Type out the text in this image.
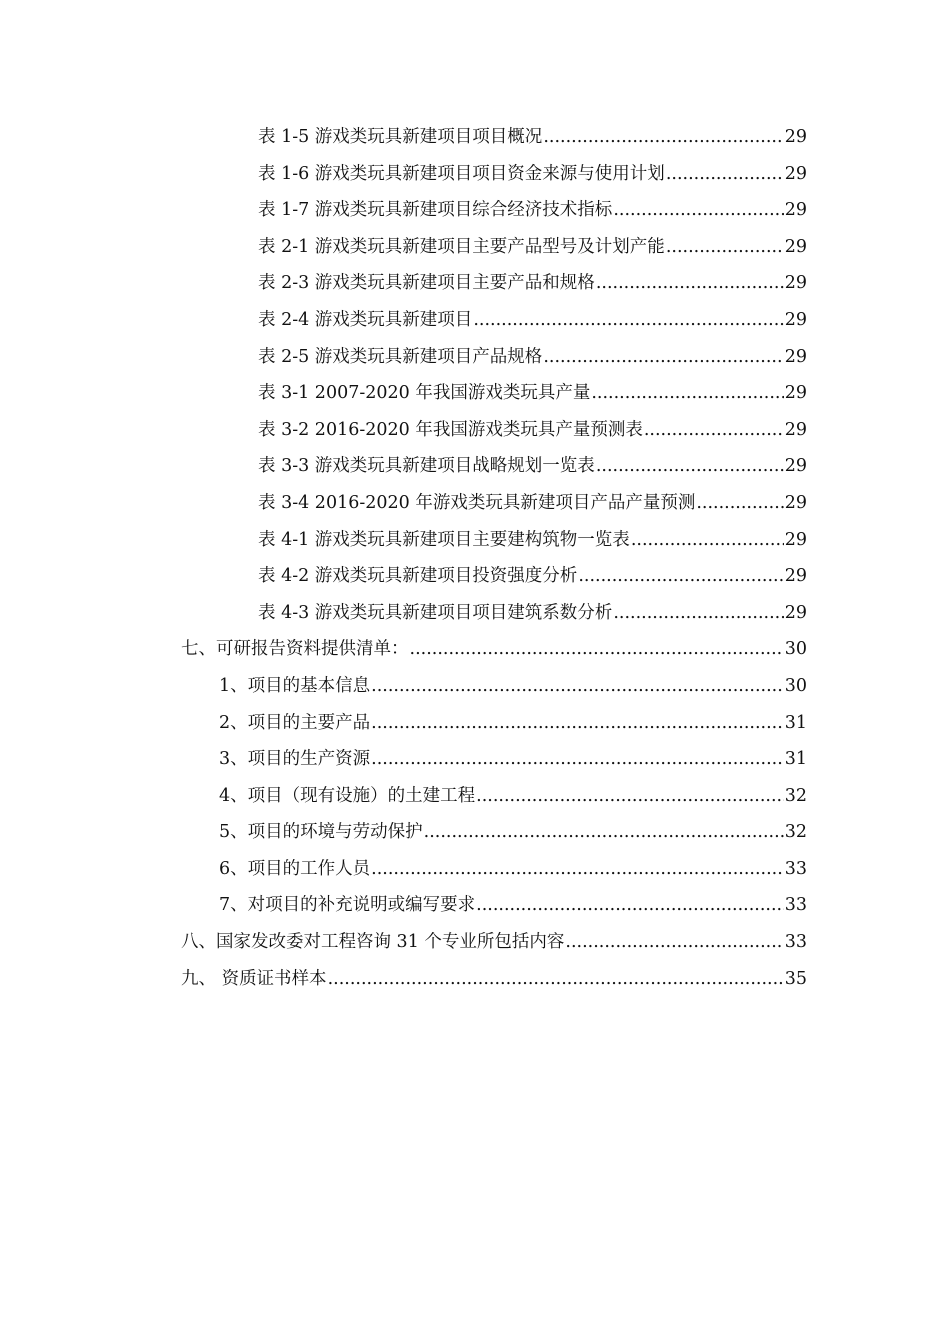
表 1-5 游戏类玩具新建项目项目概况 .....	29
表 1-6 游戏类玩具新建项目项目资金来源与使用计划 .....	29
表 1-7 游戏类玩具新建项目综合经济技术指标 .....	29
表 2-1 游戏类玩具新建项目主要产品型号及计划产能 .....	29
表 2-3 游戏类玩具新建项目主要产品和规格 .....	29
表 2-4 游戏类玩具新建项目 .....	29
表 2-5 游戏类玩具新建项目产品规格 .....	29
表 3-1 2007-2020 年我国游戏类玩具产量 .....	29
表 3-2 2016-2020 年我国游戏类玩具产量预测表 .....	29
表 3-3 游戏类玩具新建项目战略规划一览表 .....	29
表 3-4 2016-2020 年游戏类玩具新建项目产品产量预测 .....	29
表 4-1 游戏类玩具新建项目主要建构筑物一览表 .....	29
表 4-2 游戏类玩具新建项目投资强度分析 .....	29
表 4-3 游戏类玩具新建项目项目建筑系数分析 .....	29
七、可研报告资料提供清单： .....	30
1、项目的基本信息 .....	30
2、项目的主要产品 .....	31
3、项目的生产资源 .....	31
4、项目（现有设施）的土建工程 .....	32
5、项目的环境与劳动保护 .....	32
6、项目的工作人员 .....	33
7、对项目的补充说明或编写要求 .....	33
八、国家发改委对工程咨询 31 个专业所包括内容 .....	33
九、 资质证书样本 .....	35
